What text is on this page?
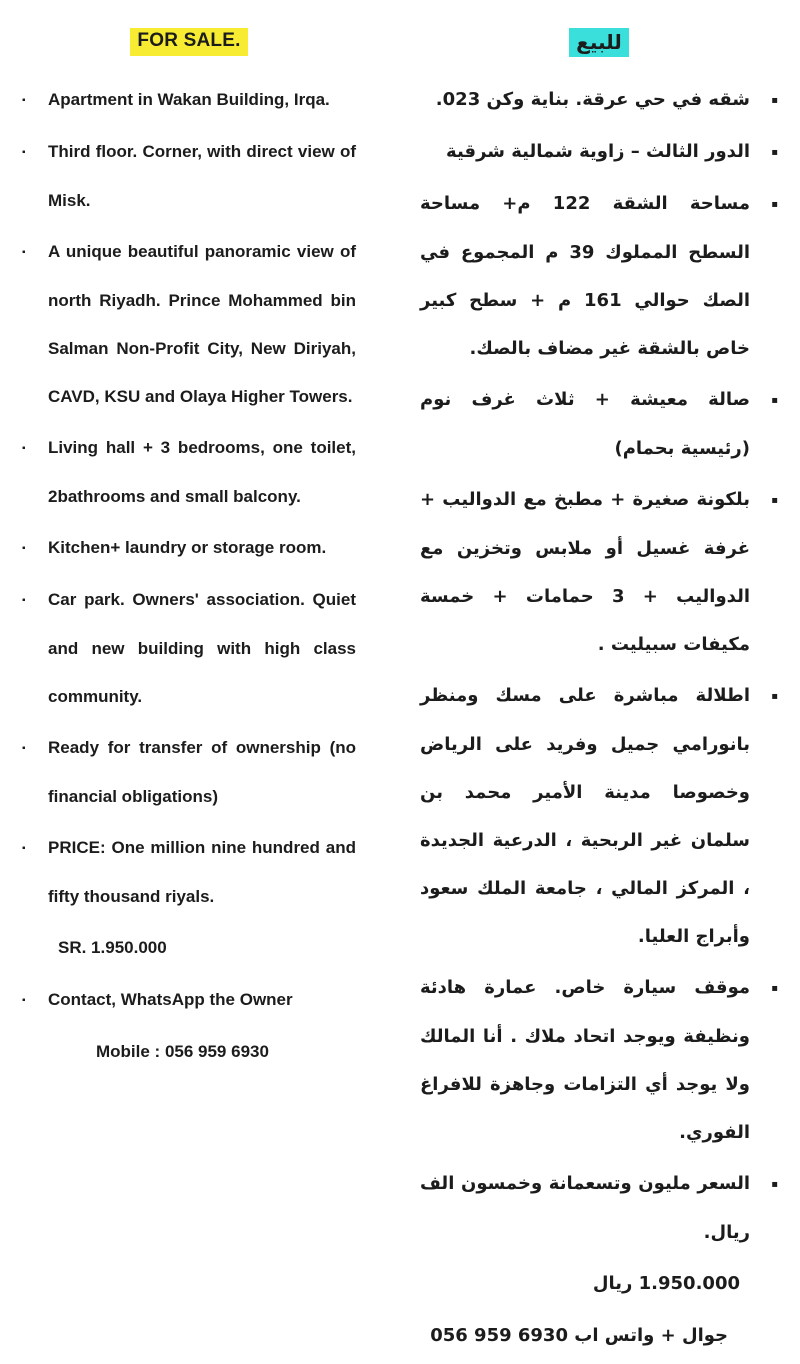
FOR SALE.
▪ Apartment in Wakan Building, Irqa.
▪ Third floor. Corner, with direct view of Misk.
▪ A unique beautiful panoramic view of north Riyadh. Prince Mohammed bin Salman Non-Profit City, New Diriyah, CAVD, KSU and Olaya Higher Towers.
▪ Living hall + 3 bedrooms, one toilet, 2bathrooms and small balcony.
▪ Kitchen+ laundry or storage room.
▪ Car park. Owners' association. Quiet and new building with high class community.
▪ Ready for transfer of ownership (no financial obligations)
▪ PRICE: One million nine hundred and fifty thousand riyals.
SR. 1.950.000
▪ Contact, WhatsApp the Owner
Mobile : 056 959 6930
للبيع
▪شقه في حي عرقة. بناية وكن 023.
▪الدور الثالث – زاوية شمالية شرقية
▪مساحة الشقة 122 م+ مساحة السطح المملوك 39 م المجموع في الصك حوالي 161 م + سطح كبير خاص بالشقة غير مضاف بالصك.
▪صالة معيشة + ثلاث غرف نوم (رئيسية بحمام)
▪بلكونة صغيرة + مطبخ مع الدواليب + غرفة غسيل أو ملابس وتخزين مع الدواليب + 3 حمامات + خمسة مكيفات سبيليت .
▪اطلالة مباشرة على مسك ومنظر بانورامي جميل وفريد على الرياض وخصوصا مدينة الأمير محمد بن سلمان غير الربحية ، الدرعية الجديدة ، المركز المالي ، جامعة الملك سعود وأبراج العليا.
▪موقف سيارة خاص. عمارة هادئة ونظيفة ويوجد اتحاد ملاك . أنا المالك ولا يوجد أي التزامات وجاهزة للافراغ الفوري.
▪السعر مليون وتسعمانة وخمسون الف ريال.
1.950.000 ريال
جوال + واتس اب ⁦056 959 6930⁩
